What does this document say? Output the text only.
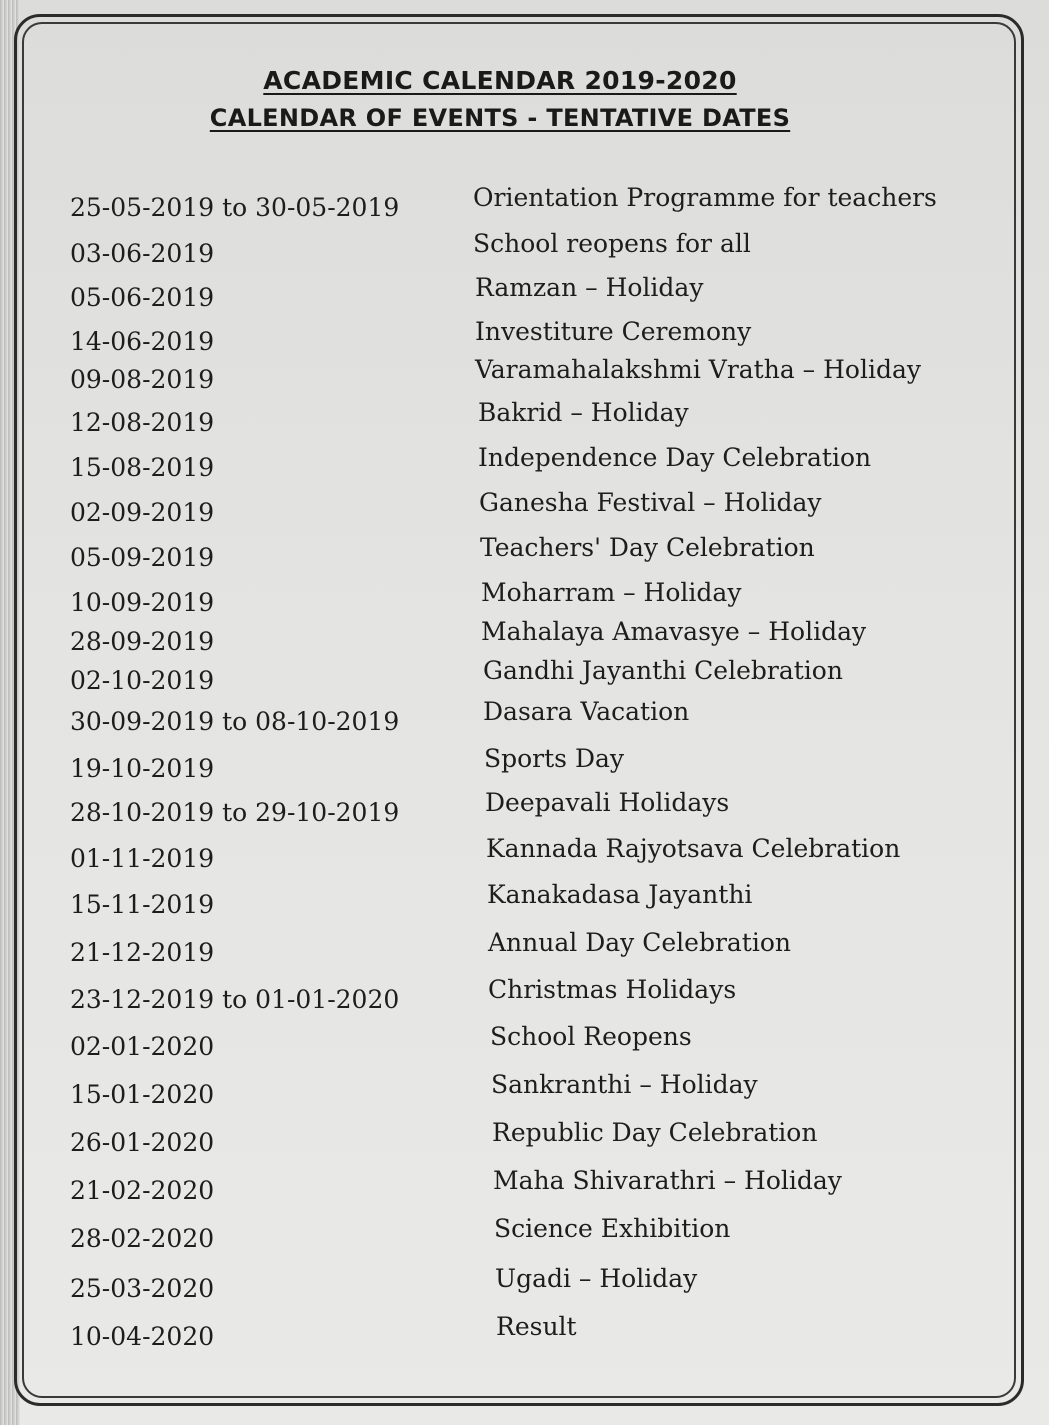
ACADEMIC CALENDAR 2019-2020
CALENDAR OF EVENTS - TENTATIVE DATES
25-05-2019 to 30-05-2019	Orientation Programme for teachers
03-06-2019	School reopens for all
05-06-2019	Ramzan – Holiday
14-06-2019	Investiture Ceremony
09-08-2019	Varamahalakshmi Vratha – Holiday
12-08-2019	Bakrid – Holiday
15-08-2019	Independence Day Celebration
02-09-2019	Ganesha Festival – Holiday
05-09-2019	Teachers' Day Celebration
10-09-2019	Moharram – Holiday
28-09-2019	Mahalaya Amavasye – Holiday
02-10-2019	Gandhi Jayanthi Celebration
30-09-2019 to 08-10-2019	Dasara Vacation
19-10-2019	Sports Day
28-10-2019 to 29-10-2019	Deepavali Holidays
01-11-2019	Kannada Rajyotsava Celebration
15-11-2019	Kanakadasa Jayanthi
21-12-2019	Annual Day Celebration
23-12-2019 to 01-01-2020	Christmas Holidays
02-01-2020	School Reopens
15-01-2020	Sankranthi – Holiday
26-01-2020	Republic Day Celebration
21-02-2020	Maha Shivarathri – Holiday
28-02-2020	Science Exhibition
25-03-2020	Ugadi – Holiday
10-04-2020	Result
